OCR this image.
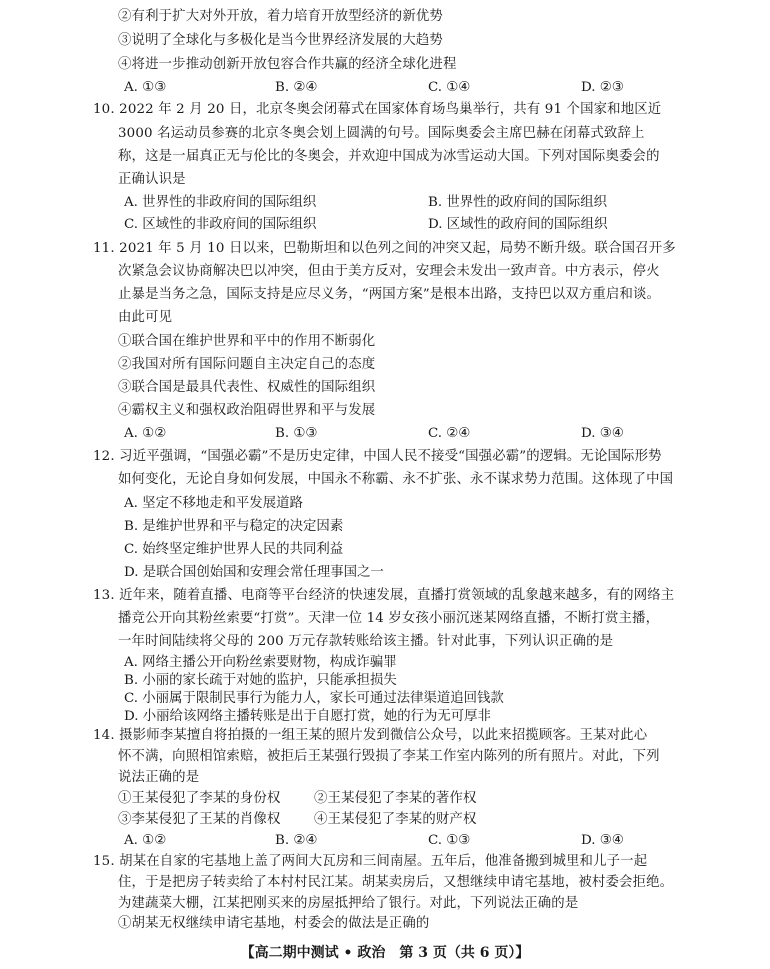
②有利于扩大对外开放，着力培育开放型经济的新优势
③说明了全球化与多极化是当今世界经济发展的大趋势
④将进一步推动创新开放包容合作共赢的经济全球化进程
A. ①③	B. ②④	C. ①④	D. ②③
10. 2022 年 2 月 20 日，北京冬奥会闭幕式在国家体育场鸟巢举行，共有 91 个国家和地区近
3000 名运动员参赛的北京冬奥会划上圆满的句号。国际奥委会主席巴赫在闭幕式致辞上
称，这是一届真正无与伦比的冬奥会，并欢迎中国成为冰雪运动大国。下列对国际奥委会的
正确认识是
A. 世界性的非政府间的国际组织	B. 世界性的政府间的国际组织
C. 区域性的非政府间的国际组织	D. 区域性的政府间的国际组织
11. 2021 年 5 月 10 日以来，巴勒斯坦和以色列之间的冲突又起，局势不断升级。联合国召开多
次紧急会议协商解决巴以冲突，但由于美方反对，安理会未发出一致声音。中方表示，停火
止暴是当务之急，国际支持是应尽义务，“两国方案”是根本出路，支持巴以双方重启和谈。
由此可见
①联合国在维护世界和平中的作用不断弱化
②我国对所有国际问题自主决定自己的态度
③联合国是最具代表性、权威性的国际组织
④霸权主义和强权政治阻碍世界和平与发展
A. ①②	B. ①③	C. ②④	D. ③④
12. 习近平强调，“国强必霸”不是历史定律，中国人民不接受“国强必霸”的逻辑。无论国际形势
如何变化，无论自身如何发展，中国永不称霸、永不扩张、永不谋求势力范围。这体现了中国
A. 坚定不移地走和平发展道路
B. 是维护世界和平与稳定的决定因素
C. 始终坚定维护世界人民的共同利益
D. 是联合国创始国和安理会常任理事国之一
13. 近年来，随着直播、电商等平台经济的快速发展，直播打赏领域的乱象越来越多，有的网络主
播竞公开向其粉丝索要“打赏”。天津一位 14 岁女孩小丽沉迷某网络直播，不断打赏主播，
一年时间陆续将父母的 200 万元存款转账给该主播。针对此事，下列认识正确的是
A. 网络主播公开向粉丝索要财物，构成诈骗罪
B. 小丽的家长疏于对她的监护，只能承担损失
C. 小丽属于限制民事行为能力人，家长可通过法律渠道追回钱款
D. 小丽给该网络主播转账是出于自愿打赏，她的行为无可厚非
14. 摄影师李某擅自将拍摄的一组王某的照片发到微信公众号，以此来招揽顾客。王某对此心
怀不满，向照相馆索赔，被拒后王某强行毁损了李某工作室内陈列的所有照片。对此，下列
说法正确的是
①王某侵犯了李某的身份权	②王某侵犯了李某的著作权
③李某侵犯了王某的肖像权	④王某侵犯了李某的财产权
A. ①②	B. ②④	C. ①③	D. ③④
15. 胡某在自家的宅基地上盖了两间大瓦房和三间南屋。五年后，他准备搬到城里和儿子一起
住，于是把房子转卖给了本村村民江某。胡某卖房后，又想继续申请宅基地，被村委会拒绝。
为建蔬菜大棚，江某把刚买来的房屋抵押给了银行。对此，下列说法正确的是
①胡某无权继续申请宅基地，村委会的做法是正确的
【高二期中测试 • 政治　第 3 页（共 6 页）】
